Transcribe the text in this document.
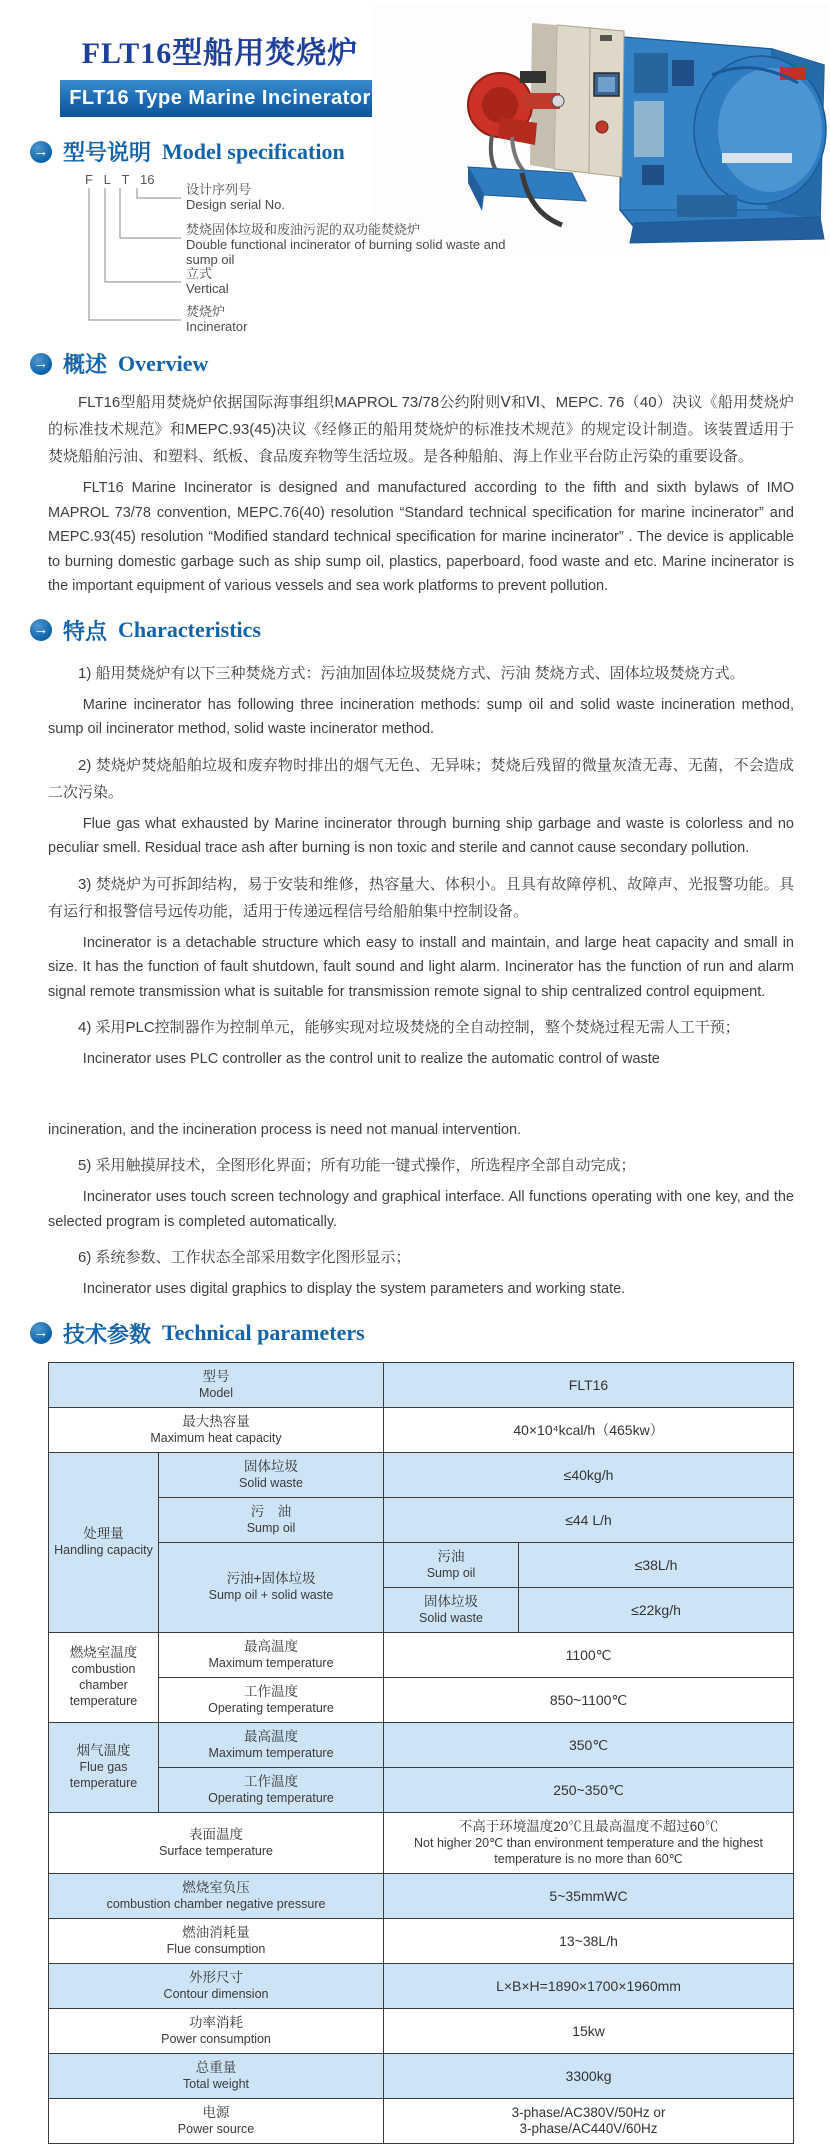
FLT16型船用焚烧炉
FLT16 Type Marine Incinerator
→ 型号说明 Model specification
F L T 16
设计序列号
Design serial No.
焚烧固体垃圾和废油污泥的双功能焚烧炉
Double functional incinerator of burning solid waste and sump oil
立式
Vertical
焚烧炉
Incinerator
→ 概述 Overview

FLT16型船用焚烧炉依据国际海事组织MAPROL 73/78公约附则Ⅴ和Ⅵ、MEPC. 76（40）决议《船用焚烧炉的标准技术规范》和MEPC.93(45)决议《经修正的船用焚烧炉的标准技术规范》的规定设计制造。该装置适用于焚烧船舶污油、和塑料、纸板、食品废弃物等生活垃圾。是各种船舶、海上作业平台防止污染的重要设备。

FLT16 Marine Incinerator is designed and manufactured according to the fifth and sixth bylaws of IMO MAPROL 73/78 convention, MEPC.76(40) resolution “Standard technical specification for marine incinerator” and MEPC.93(45) resolution “Modified standard technical specification for marine incinerator” . The device is applicable to burning domestic garbage such as ship sump oil, plastics, paperboard, food waste and etc. Marine incinerator is the important equipment of various vessels and sea work platforms to prevent pollution.

→ 特点 Characteristics

1) 船用焚烧炉有以下三种焚烧方式：污油加固体垃圾焚烧方式、污油 焚烧方式、固体垃圾焚烧方式。

Marine incinerator has following three incineration methods: sump oil and solid waste incineration method, sump oil incinerator method, solid waste incinerator method.

2) 焚烧炉焚烧船舶垃圾和废弃物时排出的烟气无色、无异味；焚烧后残留的微量灰渣无毒、无菌，不会造成二次污染。

Flue gas what exhausted by Marine incinerator through burning ship garbage and waste is colorless and no peculiar smell. Residual trace ash after burning is non toxic and sterile and cannot cause secondary pollution.

3) 焚烧炉为可拆卸结构，易于安装和维修，热容量大、体积小。且具有故障停机、故障声、光报警功能。具有运行和报警信号远传功能，适用于传递远程信号给船舶集中控制设备。

Incinerator is a detachable structure which easy to install and maintain, and large heat capacity and small in size. It has the function of fault shutdown, fault sound and light alarm. Incinerator has the function of run and alarm signal remote transmission what is suitable for transmission remote signal to ship centralized control equipment.

4) 采用PLC控制器作为控制单元，能够实现对垃圾焚烧的全自动控制，整个焚烧过程无需人工干预；

Incinerator uses PLC controller as the control unit to realize the automatic control of waste

incineration, and the incineration process is need not manual intervention.

5) 采用触摸屏技术，全图形化界面；所有功能一键式操作，所选程序全部自动完成；

Incinerator uses touch screen technology and graphical interface. All functions operating with one key, and the selected program is completed automatically.

6) 系统参数、工作状态全部采用数字化图形显示；

Incinerator uses digital graphics to display the system parameters and working state.

→ 技术参数 Technical parameters
型号
Model		FLT16	

最大热容量
Maximum heat capacity		40×10⁴kcal/h（465kw）	

处理量
Handling capacity	固体垃圾
Solid waste	≤40kg/h	

	污　油
Sump oil	≤44 L/h	

	污油+固体垃圾
Sump oil + solid waste	污油
Sump oil	≤38L/h

		固体垃圾
Solid waste	≤22kg/h

燃烧室温度
combustion chamber temperature	最高温度
Maximum temperature	1100℃	

	工作温度
Operating temperature	850~1100℃	

烟气温度
Flue gas temperature	最高温度
Maximum temperature	350℃	

	工作温度
Operating temperature	250~350℃	

表面温度
Surface temperature		不高于环境温度20℃且最高温度不超过60℃
Not higher 20℃ than environment temperature and the highest temperature is no more than 60℃	

燃烧室负压
combustion chamber negative pressure		5~35mmWC	

燃油消耗量
Flue consumption		13~38L/h	

外形尺寸
Contour dimension		L×B×H=1890×1700×1960mm	

功率消耗
Power consumption		15kw	

总重量
Total weight		3300kg	

电源
Power source		3-phase/AC380V/50Hz or
3-phase/AC440V/60Hz	
